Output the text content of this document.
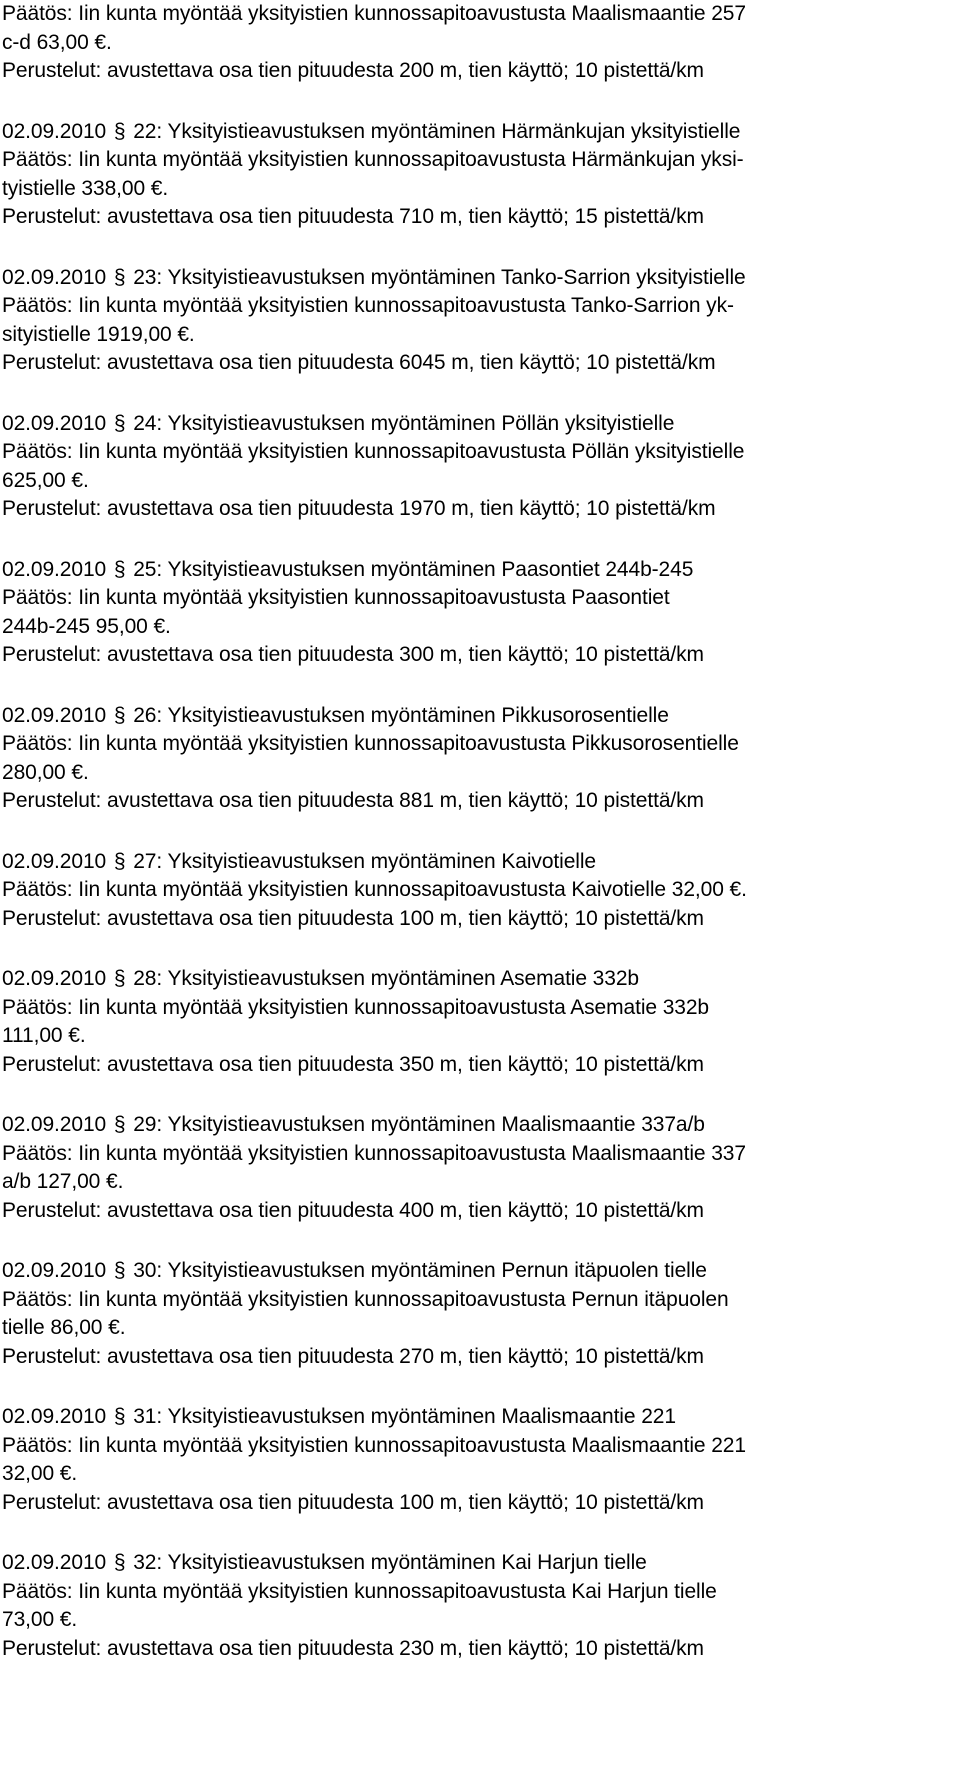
Päätös: Iin kunta myöntää yksityistien kunnossapitoavustusta Maalismaantie 257
c-d 63,00 €.
Perustelut: avustettava osa tien pituudesta 200 m, tien käyttö; 10 pistettä/km
02.09.2010 § 22: Yksityistieavustuksen myöntäminen Härmänkujan yksityistielle
Päätös: Iin kunta myöntää yksityistien kunnossapitoavustusta Härmänkujan yksi-
tyistielle 338,00 €.
Perustelut: avustettava osa tien pituudesta 710 m, tien käyttö; 15 pistettä/km
02.09.2010 § 23: Yksityistieavustuksen myöntäminen Tanko-Sarrion yksityistielle
Päätös: Iin kunta myöntää yksityistien kunnossapitoavustusta Tanko-Sarrion yk-
sityistielle 1919,00 €.
Perustelut: avustettava osa tien pituudesta 6045 m, tien käyttö; 10 pistettä/km
02.09.2010 § 24: Yksityistieavustuksen myöntäminen Pöllän yksityistielle
Päätös: Iin kunta myöntää yksityistien kunnossapitoavustusta Pöllän yksityistielle
625,00 €.
Perustelut: avustettava osa tien pituudesta 1970 m, tien käyttö; 10 pistettä/km
02.09.2010 § 25: Yksityistieavustuksen myöntäminen Paasontiet 244b-245
Päätös: Iin kunta myöntää yksityistien kunnossapitoavustusta Paasontiet
244b-245 95,00 €.
Perustelut: avustettava osa tien pituudesta 300 m, tien käyttö; 10 pistettä/km
02.09.2010 § 26: Yksityistieavustuksen myöntäminen Pikkusorosentielle
Päätös: Iin kunta myöntää yksityistien kunnossapitoavustusta Pikkusorosentielle
280,00 €.
Perustelut: avustettava osa tien pituudesta 881 m, tien käyttö; 10 pistettä/km
02.09.2010 § 27: Yksityistieavustuksen myöntäminen Kaivotielle
Päätös: Iin kunta myöntää yksityistien kunnossapitoavustusta Kaivotielle 32,00 €.
Perustelut: avustettava osa tien pituudesta 100 m, tien käyttö; 10 pistettä/km
02.09.2010 § 28: Yksityistieavustuksen myöntäminen Asematie 332b
Päätös: Iin kunta myöntää yksityistien kunnossapitoavustusta Asematie 332b
111,00 €.
Perustelut: avustettava osa tien pituudesta 350 m, tien käyttö; 10 pistettä/km
02.09.2010 § 29: Yksityistieavustuksen myöntäminen Maalismaantie 337a/b
Päätös: Iin kunta myöntää yksityistien kunnossapitoavustusta Maalismaantie 337
a/b 127,00 €.
Perustelut: avustettava osa tien pituudesta 400 m, tien käyttö; 10 pistettä/km
02.09.2010 § 30: Yksityistieavustuksen myöntäminen Pernun itäpuolen tielle
Päätös: Iin kunta myöntää yksityistien kunnossapitoavustusta Pernun itäpuolen
tielle 86,00 €.
Perustelut: avustettava osa tien pituudesta 270 m, tien käyttö; 10 pistettä/km
02.09.2010 § 31: Yksityistieavustuksen myöntäminen Maalismaantie 221
Päätös: Iin kunta myöntää yksityistien kunnossapitoavustusta Maalismaantie 221
32,00 €.
Perustelut: avustettava osa tien pituudesta 100 m, tien käyttö; 10 pistettä/km
02.09.2010 § 32: Yksityistieavustuksen myöntäminen Kai Harjun tielle
Päätös: Iin kunta myöntää yksityistien kunnossapitoavustusta Kai Harjun tielle
73,00 €.
Perustelut: avustettava osa tien pituudesta 230 m, tien käyttö; 10 pistettä/km
